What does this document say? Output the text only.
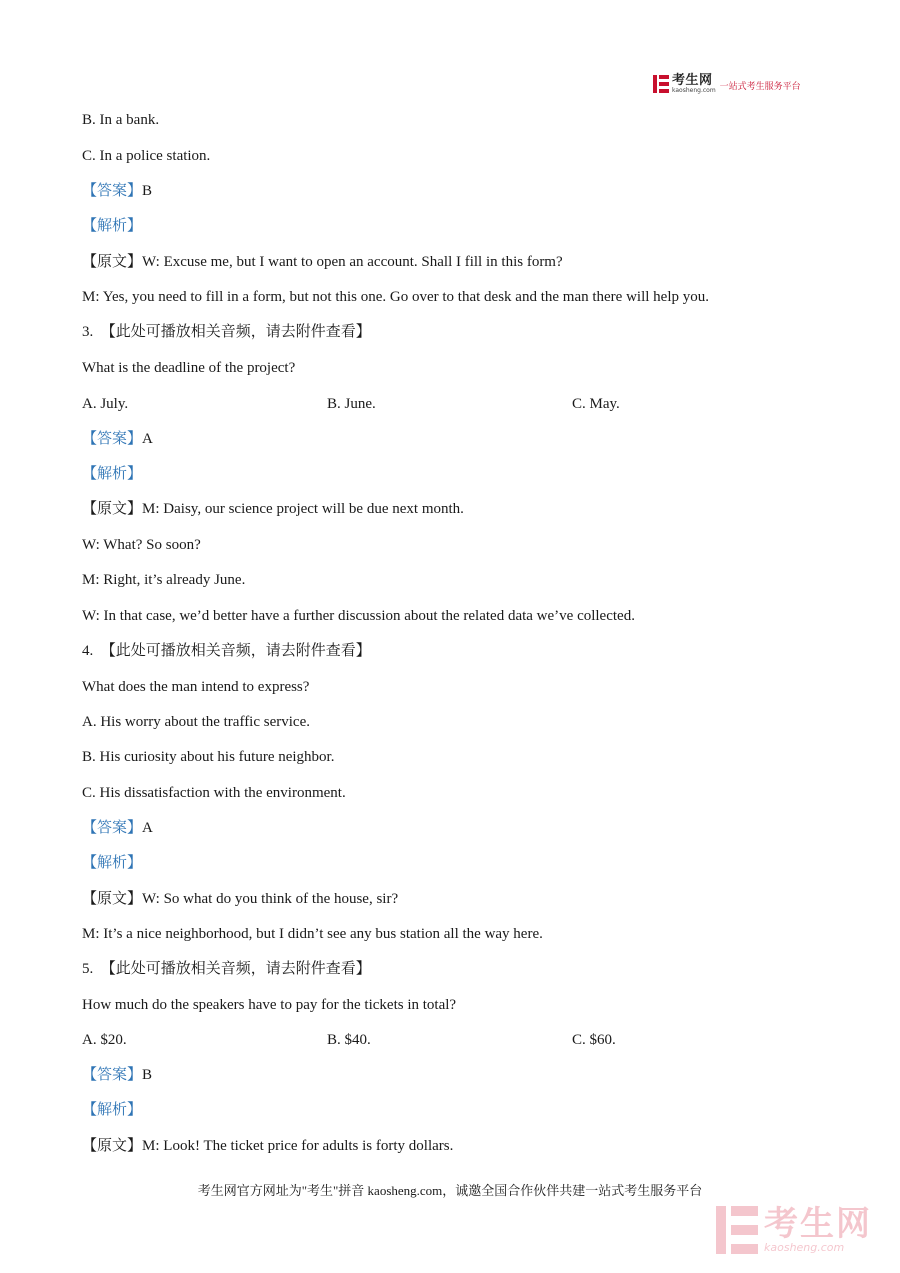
考生网
kaosheng.com 一站式考生服务平台
B. In a bank.
C. In a police station.
【答案】B
【解析】
【原文】W: Excuse me, but I want to open an account. Shall I fill in this form?
M: Yes, you need to fill in a form, but not this one. Go over to that desk and the man there will help you.
3.  【此处可播放相关音频，请去附件查看】
What is the deadline of the project?
A. July.	B. June.	C. May.
【答案】A
【解析】
【原文】M: Daisy, our science project will be due next month.
W: What? So soon?
M: Right, it’s already June.
W: In that case, we’d better have a further discussion about the related data we’ve collected.
4.  【此处可播放相关音频，请去附件查看】
What does the man intend to express?
A. His worry about the traffic service.
B. His curiosity about his future neighbor.
C. His dissatisfaction with the environment.
【答案】A
【解析】
【原文】W: So what do you think of the house, sir?
M: It’s a nice neighborhood, but I didn’t see any bus station all the way here.
5.  【此处可播放相关音频，请去附件查看】
How much do the speakers have to pay for the tickets in total?
A. $20.	B. $40.	C. $60.
【答案】B
【解析】
【原文】M: Look! The ticket price for adults is forty dollars.
考生网官方网址为"考生"拼音 kaosheng.com，诚邀全国合作伙伴共建一站式考生服务平台
考生网
kaosheng.com
